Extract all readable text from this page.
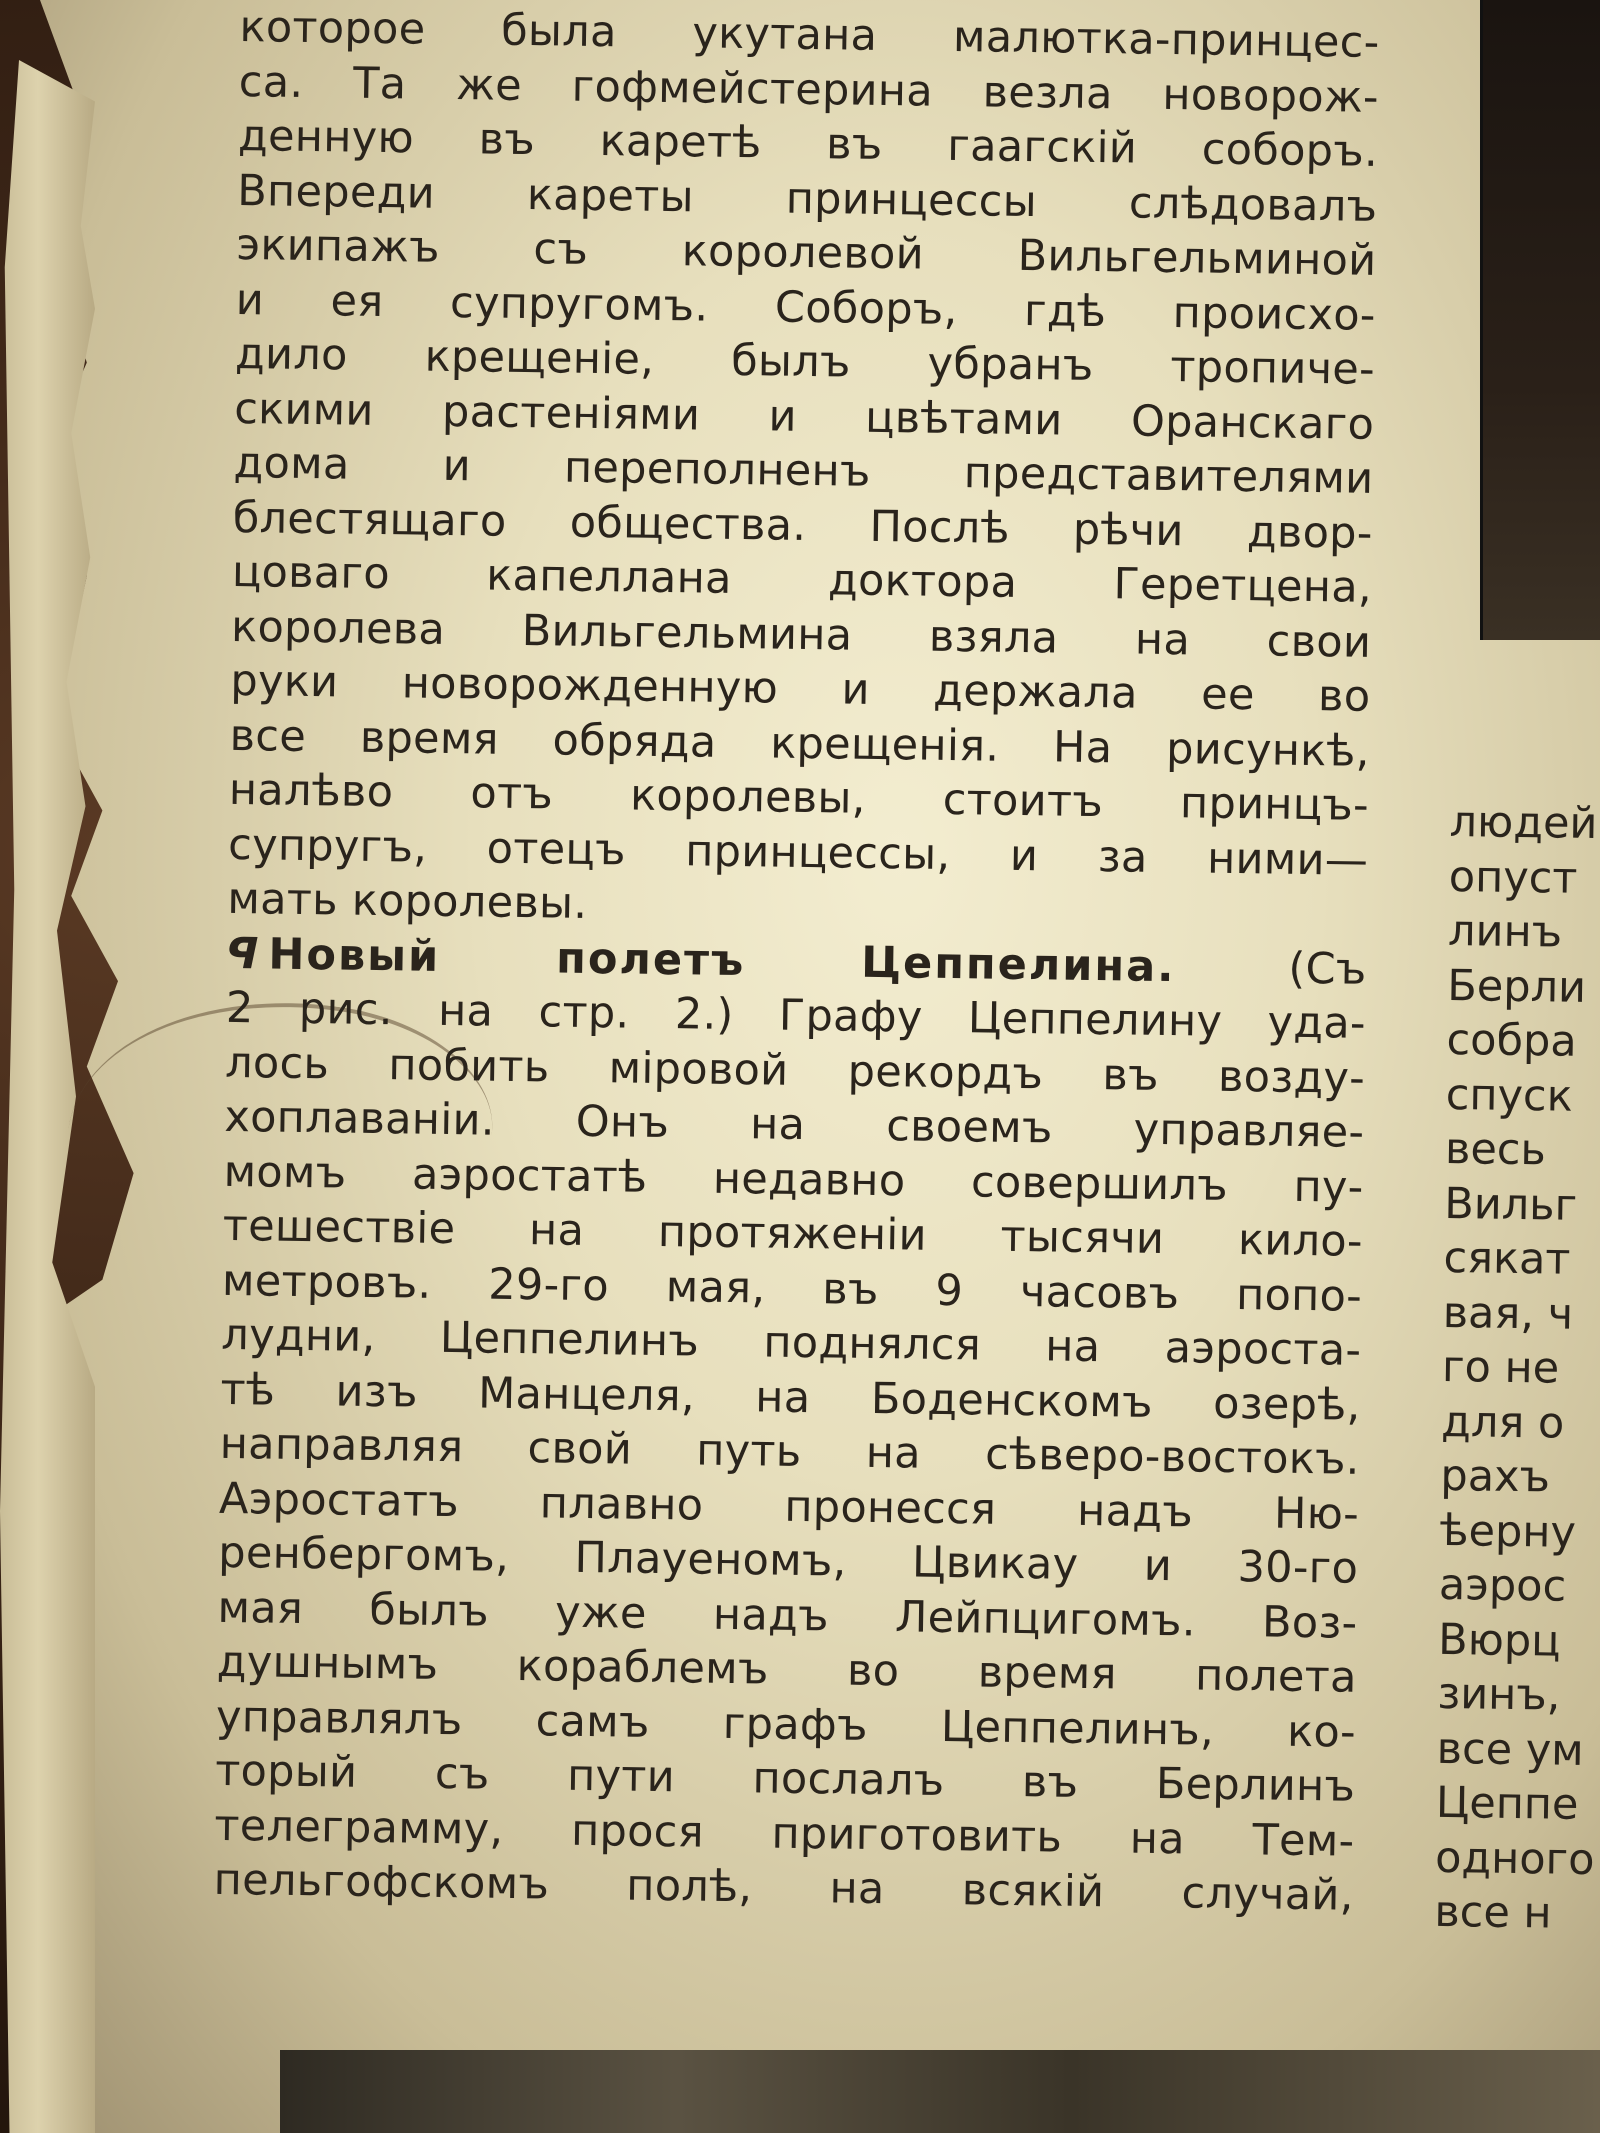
которое была укутана малютка-принцес-
са. Та же гофмейстерина везла новорож-
денную въ каретѣ въ гаагскій соборъ.
Впереди кареты принцессы слѣдовалъ
экипажъ съ королевой Вильгельминой
и ея супругомъ. Соборъ, гдѣ происхо-
дило крещеніе, былъ убранъ тропиче-
скими растеніями и цвѣтами Оранскаго
дома и переполненъ представителями
блестящаго общества. Послѣ рѣчи двор-
цоваго капеллана доктора Геретцена,
королева Вильгельмина взяла на свои
руки новорожденную и держала ее во
все время обряда крещенія. На рисункѣ,
налѣво отъ королевы, стоитъ принцъ-
супругъ, отецъ принцессы, и за ними—
мать королевы.
ꟼ Новый полетъ Цеппелина. (Съ
2 рис. на стр. 2.) Графу Цеппелину уда-
лось побить міровой рекордъ въ возду-
хоплаваніи. Онъ на своемъ управляе-
момъ аэростатѣ недавно совершилъ пу-
тешествіе на протяженіи тысячи кило-
метровъ. 29-го мая, въ 9 часовъ попо-
лудни, Цеппелинъ поднялся на аэроста-
тѣ изъ Манцеля, на Боденскомъ озерѣ,
направляя свой путь на сѣверо-востокъ.
Аэростатъ плавно пронесся надъ Ню-
ренбергомъ, Плауеномъ, Цвикау и 30-го
мая былъ уже надъ Лейпцигомъ. Воз-
душнымъ кораблемъ во время полета
управлялъ самъ графъ Цеппелинъ, ко-
торый съ пути послалъ въ Берлинъ
телеграмму, прося приготовить на Тем-
пельгофскомъ полѣ, на всякій случай,
людей
опуст
линъ
Берли
собра
спуск
весь
Вильг
сякат
вая, ч
го не
для о
рахъ
ѣерну
аэрос
Вюрц
зинъ,
все ум
Цеппе
одного
все н
